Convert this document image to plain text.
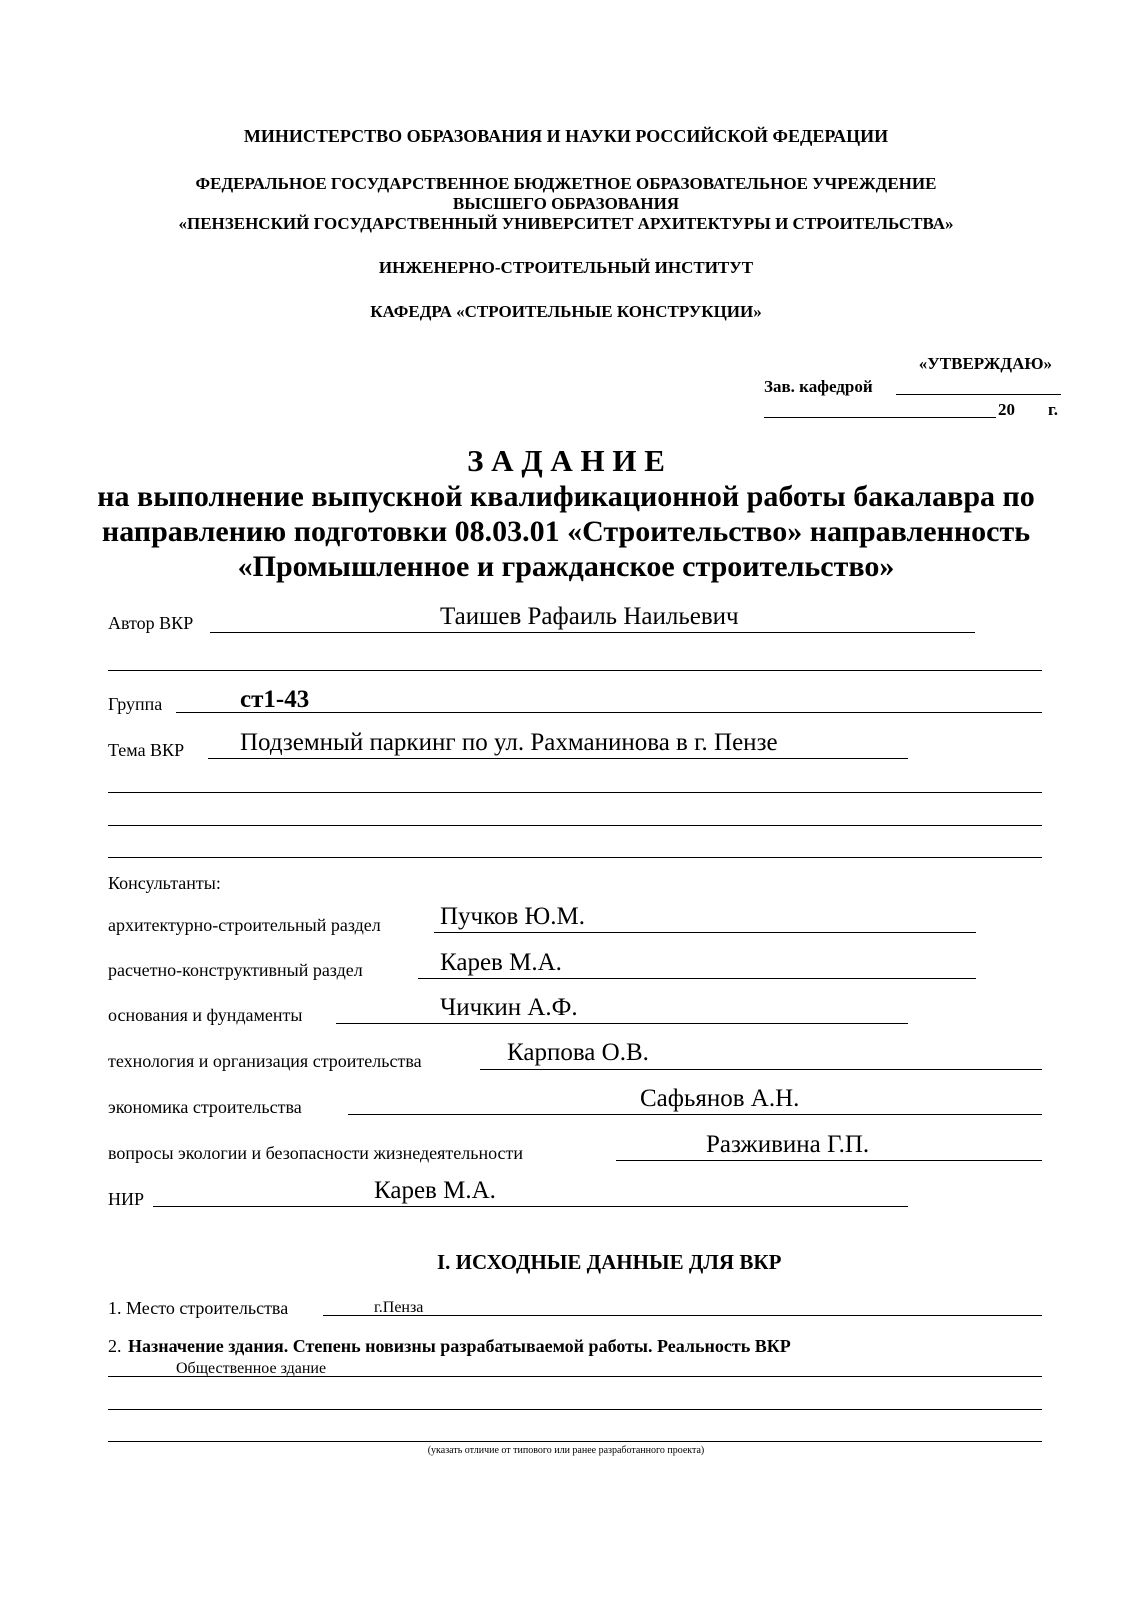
МИНИСТЕРСТВО ОБРАЗОВАНИЯ И НАУКИ РОССИЙСКОЙ ФЕДЕРАЦИИ
ФЕДЕРАЛЬНОЕ ГОСУДАРСТВЕННОЕ БЮДЖЕТНОЕ ОБРАЗОВАТЕЛЬНОЕ УЧРЕЖДЕНИЕ
ВЫСШЕГО ОБРАЗОВАНИЯ
«ПЕНЗЕНСКИЙ ГОСУДАРСТВЕННЫЙ УНИВЕРСИТЕТ АРХИТЕКТУРЫ И СТРОИТЕЛЬСТВА»
ИНЖЕНЕРНО-СТРОИТЕЛЬНЫЙ ИНСТИТУТ
КАФЕДРА «СТРОИТЕЛЬНЫЕ КОНСТРУКЦИИ»
«УТВЕРЖДАЮ»
Зав. кафедрой
20 г.
З А Д А Н И Е
на выполнение выпускной квалификационной работы бакалавра по
направлению подготовки 08.03.01 «Строительство» направленность
«Промышленное и гражданское строительство»
Автор ВКР	Таишев Рафаиль Наильевич
Группа	ст1-43
Тема ВКР Подземный паркинг по ул. Рахманинова в г. Пензе
Консультанты:
архитектурно-строительный раздел Пучков Ю.М.
расчетно-конструктивный раздел	Карев М.А.
основания и фундаменты	Чичкин А.Ф.
технология и организация строительства	Карпова О.В.
экономика строительства	Сафьянов А.Н.
вопросы экологии и безопасности жизнедеятельности	Разживина Г.П.
НИР	Карев М.А.
I. ИСХОДНЫЕ ДАННЫЕ ДЛЯ ВКР
1. Место строительства	г.Пенза
2. Назначение здания. Степень новизны разрабатываемой работы. Реальность ВКР
Общественное здание
(указать отличие от типового или ранее разработанного проекта)
